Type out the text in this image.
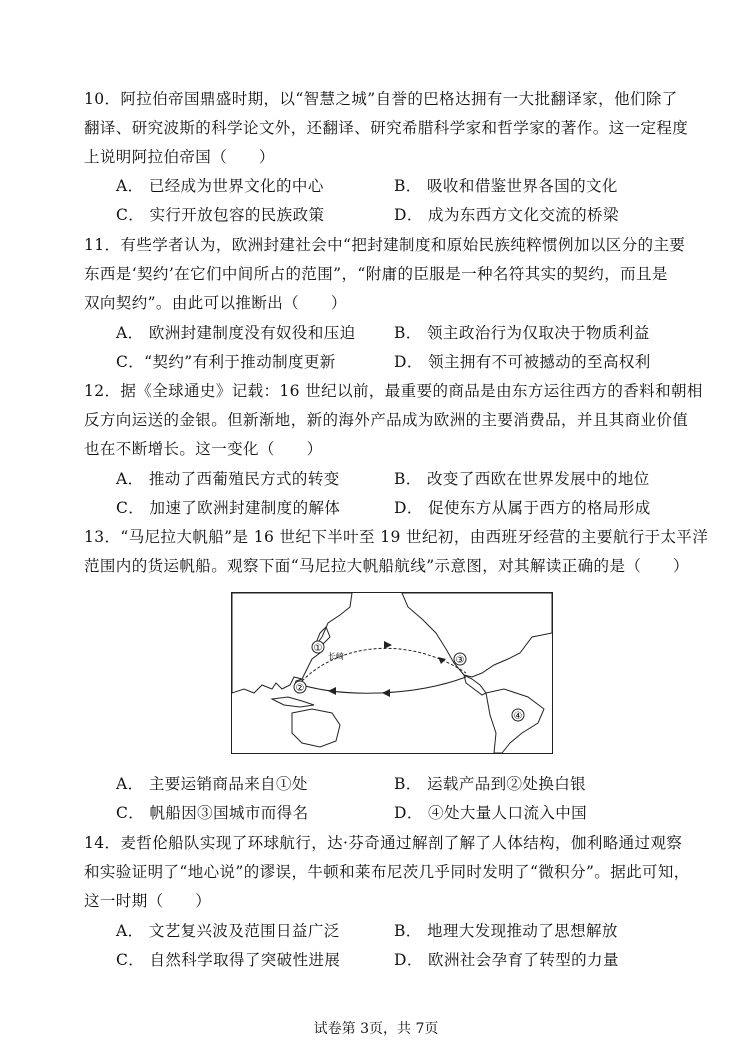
10．阿拉伯帝国鼎盛时期，以“智慧之城”自誉的巴格达拥有一大批翻译家，他们除了
翻译、研究波斯的科学论文外，还翻译、研究希腊科学家和哲学家的著作。这一定程度
上说明阿拉伯帝国（　　）
A． 已经成为世界文化的中心	B． 吸收和借鉴世界各国的文化
C． 实行开放包容的民族政策	D． 成为东西方文化交流的桥梁
11．有些学者认为，欧洲封建社会中“把封建制度和原始民族纯粹惯例加以区分的主要
东西是‘契约’在它们中间所占的范围”，“附庸的臣服是一种名符其实的契约，而且是
双向契约”。由此可以推断出（　　）
A． 欧洲封建制度没有奴役和压迫 B． 领主政治行为仅取决于物质利益
C．“契约”有利于推动制度更新	D． 领主拥有不可被撼动的至高权利
12．据《全球通史》记载：16 世纪以前，最重要的商品是由东方运往西方的香料和朝相
反方向运送的金银。但新渐地，新的海外产品成为欧洲的主要消费品，并且其商业价值
也在不断增长。这一变化（　　）
A． 推动了西葡殖民方式的转变	B． 改变了西欧在世界发展中的地位
C． 加速了欧洲封建制度的解体	D． 促使东方从属于西方的格局形成
13．“马尼拉大帆船”是 16 世纪下半叶至 19 世纪初，由西班牙经营的主要航行于太平洋
范围内的货运帆船。观察下面“马尼拉大帆船航线”示意图，对其解读正确的是（　　）
①
②
③
④
长崎
A． 主要运销商品来自①处	B． 运载产品到②处换白银
C． 帆船因③国城市而得名	D． ④处大量人口流入中国
14．麦哲伦船队实现了环球航行，达·芬奇通过解剖了解了人体结构，伽利略通过观察
和实验证明了“地心说”的谬误，牛顿和莱布尼茨几乎同时发明了“微积分”。据此可知，
这一时期（　　）
A． 文艺复兴波及范围日益广泛	B． 地理大发现推动了思想解放
C． 自然科学取得了突破性进展	D． 欧洲社会孕育了转型的力量
试卷第 3页，共 7页
